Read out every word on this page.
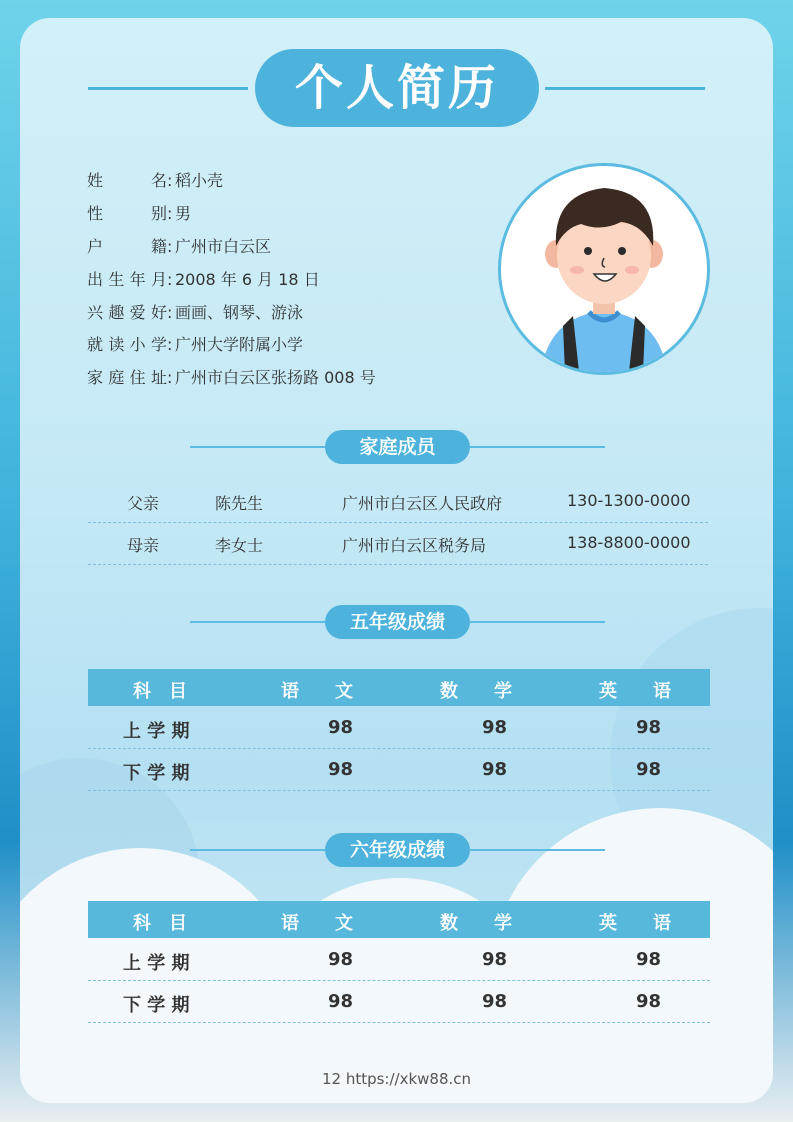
个人简历
姓名: 稻小壳
性别: 男
户籍: 广州市白云区
出生年月: 2008 年 6 月 18 日
兴趣爱好: 画画、钢琴、游泳
就读小学: 广州大学附属小学
家庭住址: 广州市白云区张扬路 008 号
家庭成员
父亲	陈先生	广州市白云区人民政府	130-1300-0000
母亲	李女士	广州市白云区税务局	138-8800-0000
五年级成绩
科　目	语　　文	数　　学	英　　语
上 学 期	98	98	98
下 学 期	98	98	98
六年级成绩
科　目	语　　文	数　　学	英　　语
上 学 期	98	98	98
下 学 期	98	98	98
12 https://xkw88.cn
